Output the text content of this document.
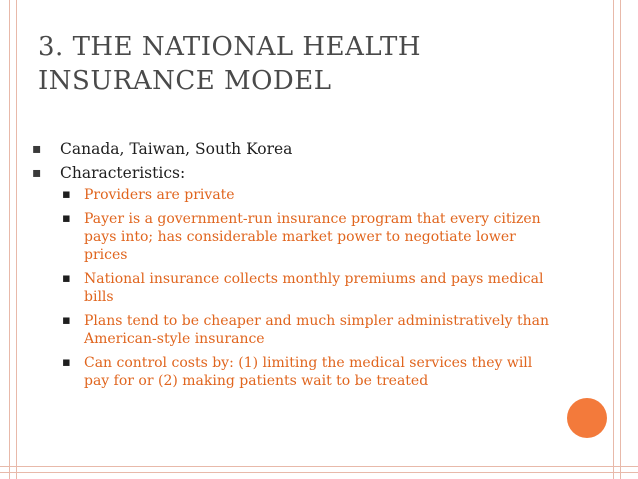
3. THE NATIONAL HEALTH
INSURANCE MODEL
▪︎ Canada, Taiwan, South Korea
▪︎ Characteristics:
▪︎ Providers are private
▪︎ Payer is a government-run insurance program that every citizen pays into; has considerable market power to negotiate lower prices
▪︎ National insurance collects monthly premiums and pays medical bills
▪︎ Plans tend to be cheaper and much simpler administratively than American-style insurance
▪︎ Can control costs by: (1) limiting the medical services they will pay for or (2) making patients wait to be treated
